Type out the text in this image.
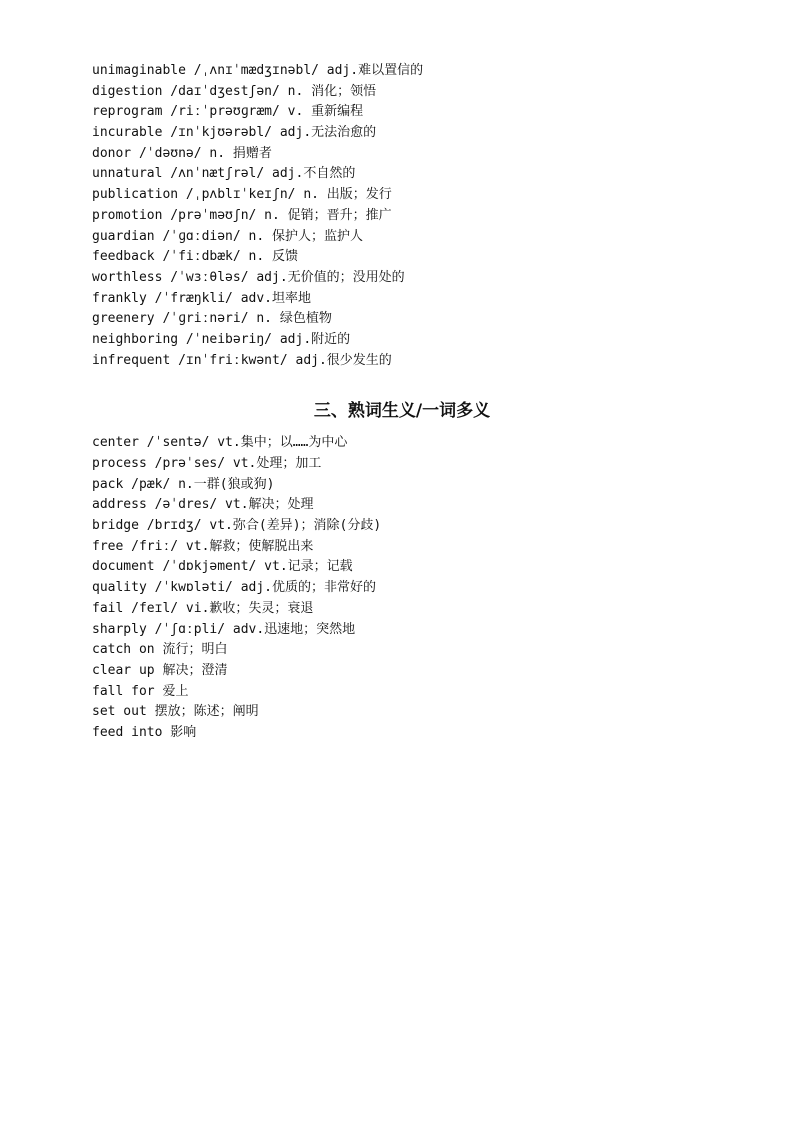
unimaginable /ˌʌnɪˈmædʒɪnəbl/ adj.难以置信的
digestion /daɪˈdʒestʃən/ n. 消化；领悟
reprogram /riːˈprəʊɡræm/ v. 重新编程
incurable /ɪnˈkjʊərəbl/ adj.无法治愈的
donor /ˈdəʊnə/ n. 捐赠者
unnatural /ʌnˈnætʃrəl/ adj.不自然的
publication /ˌpʌblɪˈkeɪʃn/ n. 出版；发行
promotion /prəˈməʊʃn/ n. 促销；晋升；推广
guardian /ˈɡɑːdiən/ n. 保护人；监护人
feedback /ˈfiːdbæk/ n. 反馈
worthless /ˈwɜːθləs/ adj.无价值的；没用处的
frankly /ˈfræŋkli/ adv.坦率地
greenery /ˈɡriːnəri/ n. 绿色植物
neighboring /ˈneibəriŋ/ adj.附近的
infrequent /ɪnˈfriːkwənt/ adj.很少发生的
三、熟词生义/一词多义
center /ˈsentə/ vt.集中；以……为中心
process /prəˈses/ vt.处理；加工
pack /pæk/ n.一群(狼或狗)
address /əˈdres/ vt.解决；处理
bridge /brɪdʒ/ vt.弥合(差异)；消除(分歧)
free /friː/ vt.解救；使解脱出来
document /ˈdɒkjəment/ vt.记录；记载
quality /ˈkwɒləti/ adj.优质的；非常好的
fail /feɪl/ vi.歉收；失灵；衰退
sharply /ˈʃɑːpli/ adv.迅速地；突然地
catch on 流行；明白
clear up 解决；澄清
fall for 爱上
set out 摆放；陈述；阐明
feed into 影响
